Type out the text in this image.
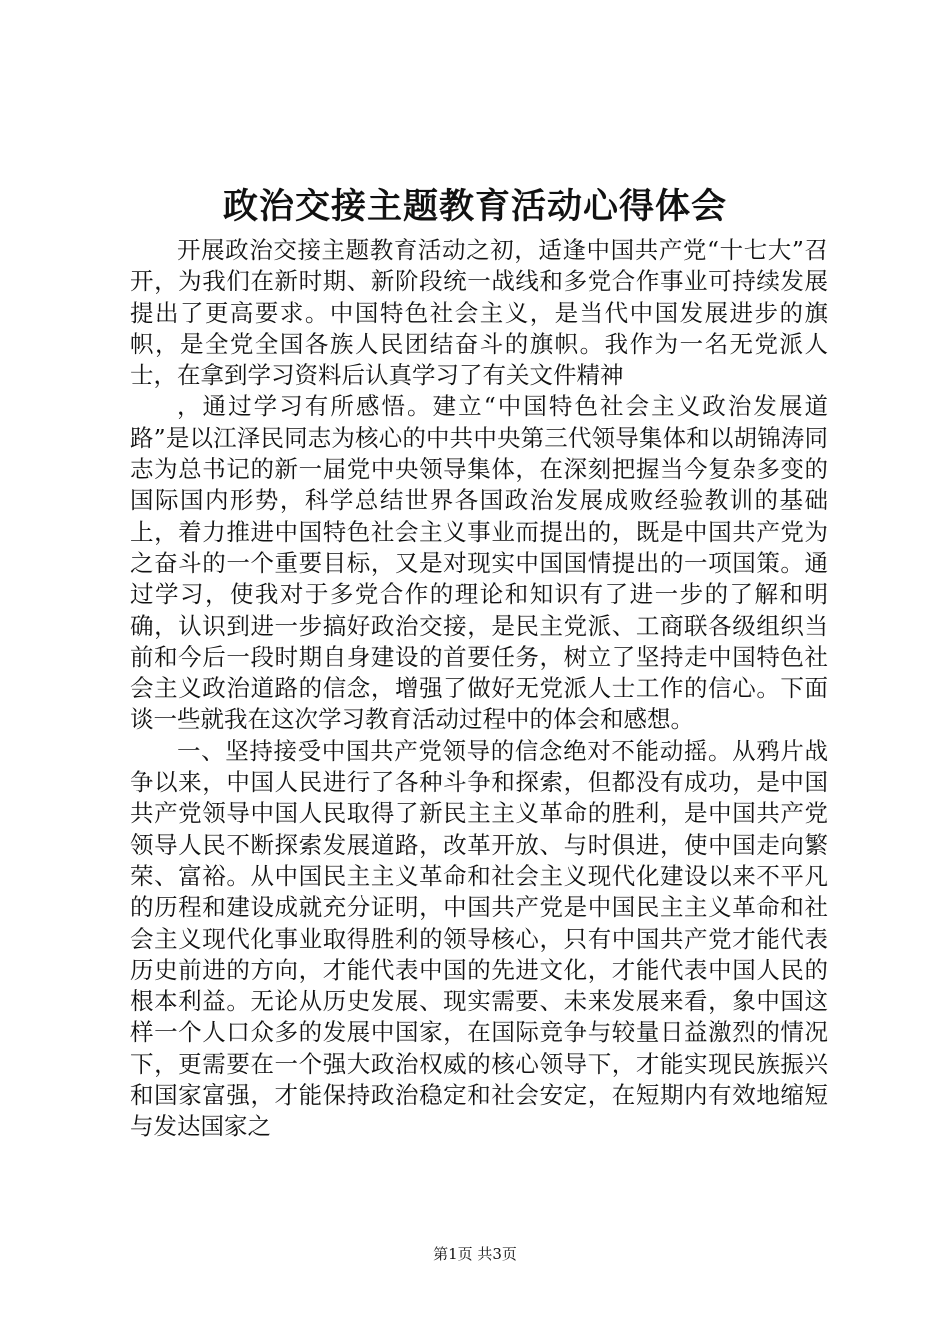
政治交接主题教育活动心得体会

开展政治交接主题教育活动之初，适逢中国共产党“十七大”召开，为我们在新时期、新阶段统一战线和多党合作事业可持续发展提出了更高要求。中国特色社会主义，是当代中国发展进步的旗帜，是全党全国各族人民团结奋斗的旗帜。我作为一名无党派人士，在拿到学习资料后认真学习了有关文件精神

，通过学习有所感悟。建立“中国特色社会主义政治发展道路”是以江泽民同志为核心的中共中央第三代领导集体和以胡锦涛同志为总书记的新一届党中央领导集体，在深刻把握当今复杂多变的国际国内形势，科学总结世界各国政治发展成败经验教训的基础上，着力推进中国特色社会主义事业而提出的，既是中国共产党为之奋斗的一个重要目标，又是对现实中国国情提出的一项国策。通过学习，使我对于多党合作的理论和知识有了进一步的了解和明确，认识到进一步搞好政治交接，是民主党派、工商联各级组织当前和今后一段时期自身建设的首要任务，树立了坚持走中国特色社会主义政治道路的信念，增强了做好无党派人士工作的信心。下面谈一些就我在这次学习教育活动过程中的体会和感想。

一、坚持接受中国共产党领导的信念绝对不能动摇。从鸦片战争以来，中国人民进行了各种斗争和探索，但都没有成功，是中国共产党领导中国人民取得了新民主主义革命的胜利，是中国共产党领导人民不断探索发展道路，改革开放、与时俱进，使中国走向繁荣、富裕。从中国民主主义革命和社会主义现代化建设以来不平凡的历程和建设成就充分证明，中国共产党是中国民主主义革命和社会主义现代化事业取得胜利的领导核心，只有中国共产党才能代表历史前进的方向，才能代表中国的先进文化，才能代表中国人民的根本利益。无论从历史发展、现实需要、未来发展来看，象中国这样一个人口众多的发展中国家，在国际竞争与较量日益激烈的情况下，更需要在一个强大政治权威的核心领导下，才能实现民族振兴和国家富强，才能保持政治稳定和社会安定，在短期内有效地缩短与发达国家之

第1页 共3页
